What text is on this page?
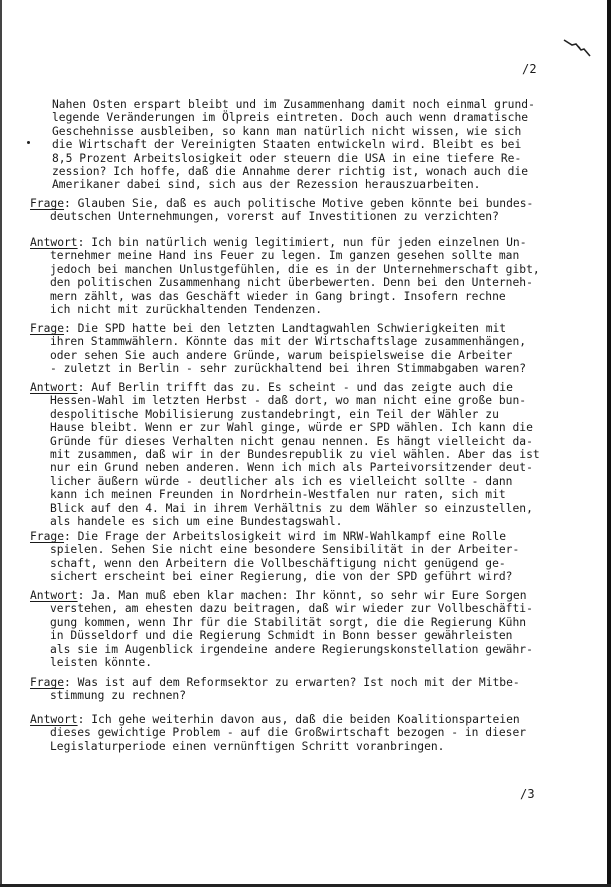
/2
Nahen Osten erspart bleibt und im Zusammenhang damit noch einmal grund-
legende Veränderungen im Ölpreis eintreten. Doch auch wenn dramatische
Geschehnisse ausbleiben, so kann man natürlich nicht wissen, wie sich
die Wirtschaft der Vereinigten Staaten entwickeln wird. Bleibt es bei
8,5 Prozent Arbeitslosigkeit oder steuern die USA in eine tiefere Re-
zession? Ich hoffe, daß die Annahme derer richtig ist, wonach auch die
Amerikaner dabei sind, sich aus der Rezession herauszuarbeiten.
Frage: Glauben Sie, daß es auch politische Motive geben könnte bei bundes-
deutschen Unternehmungen, vorerst auf Investitionen zu verzichten?
Antwort: Ich bin natürlich wenig legitimiert, nun für jeden einzelnen Un-
ternehmer meine Hand ins Feuer zu legen. Im ganzen gesehen sollte man
jedoch bei manchen Unlustgefühlen, die es in der Unternehmerschaft gibt,
den politischen Zusammenhang nicht überbewerten. Denn bei den Unterneh-
mern zählt, was das Geschäft wieder in Gang bringt. Insofern rechne
ich nicht mit zurückhaltenden Tendenzen.
Frage: Die SPD hatte bei den letzten Landtagwahlen Schwierigkeiten mit
ihren Stammwählern. Könnte das mit der Wirtschaftslage zusammenhängen,
oder sehen Sie auch andere Gründe, warum beispielsweise die Arbeiter
- zuletzt in Berlin - sehr zurückhaltend bei ihren Stimmabgaben waren?
Antwort: Auf Berlin trifft das zu. Es scheint - und das zeigte auch die
Hessen-Wahl im letzten Herbst - daß dort, wo man nicht eine große bun-
despolitische Mobilisierung zustandebringt, ein Teil der Wähler zu
Hause bleibt. Wenn er zur Wahl ginge, würde er SPD wählen. Ich kann die
Gründe für dieses Verhalten nicht genau nennen. Es hängt vielleicht da-
mit zusammen, daß wir in der Bundesrepublik zu viel wählen. Aber das ist
nur ein Grund neben anderen. Wenn ich mich als Parteivorsitzender deut-
licher äußern würde - deutlicher als ich es vielleicht sollte - dann
kann ich meinen Freunden in Nordrhein-Westfalen nur raten, sich mit
Blick auf den 4. Mai in ihrem Verhältnis zu dem Wähler so einzustellen,
als handele es sich um eine Bundestagswahl.
Frage: Die Frage der Arbeitslosigkeit wird im NRW-Wahlkampf eine Rolle
spielen. Sehen Sie nicht eine besondere Sensibilität in der Arbeiter-
schaft, wenn den Arbeitern die Vollbeschäftigung nicht genügend ge-
sichert erscheint bei einer Regierung, die von der SPD geführt wird?
Antwort: Ja. Man muß eben klar machen: Ihr könnt, so sehr wir Eure Sorgen
verstehen, am ehesten dazu beitragen, daß wir wieder zur Vollbeschäfti-
gung kommen, wenn Ihr für die Stabilität sorgt, die die Regierung Kühn
in Düsseldorf und die Regierung Schmidt in Bonn besser gewährleisten
als sie im Augenblick irgendeine andere Regierungskonstellation gewähr-
leisten könnte.
Frage: Was ist auf dem Reformsektor zu erwarten? Ist noch mit der Mitbe-
stimmung zu rechnen?
Antwort: Ich gehe weiterhin davon aus, daß die beiden Koalitionsparteien
dieses gewichtige Problem - auf die Großwirtschaft bezogen - in dieser
Legislaturperiode einen vernünftigen Schritt voranbringen.
/3
